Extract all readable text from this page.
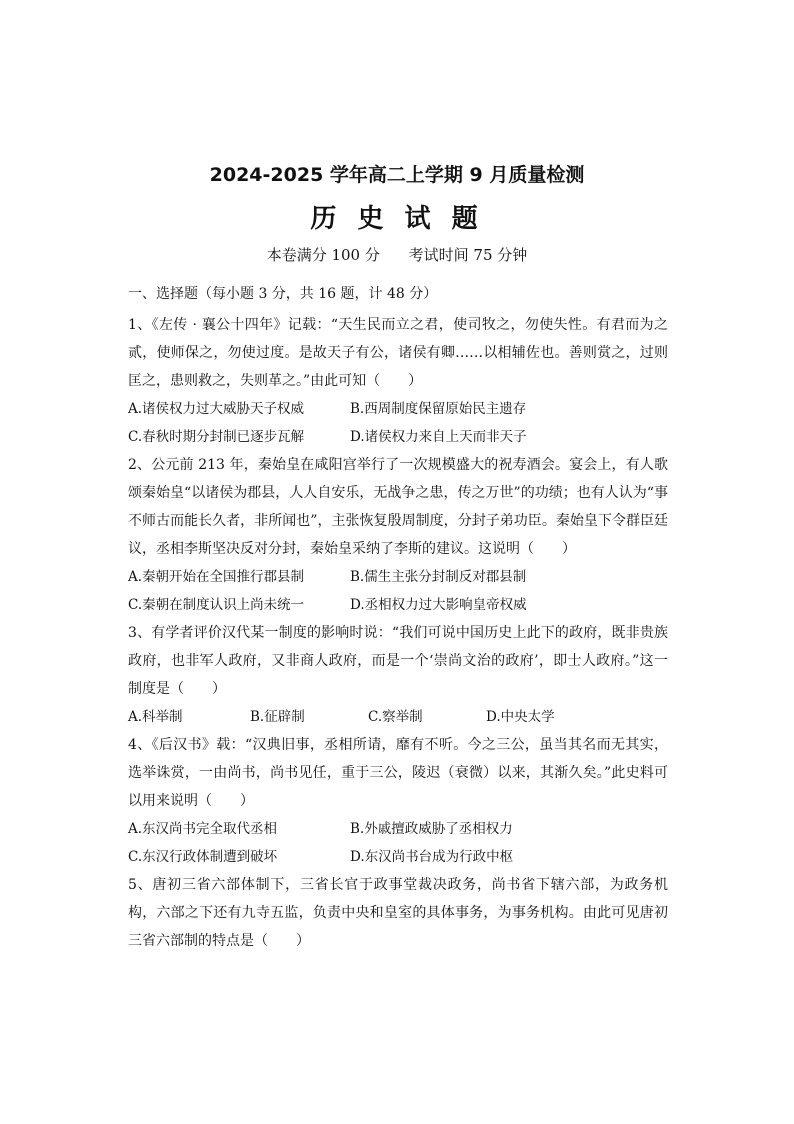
2024-2025 学年高二上学期 9 月质量检测
历 史 试 题
本卷满分 100 分 考试时间 75 分钟
一、选择题（每小题 3 分，共 16 题，计 48 分）
1、《左传 · 襄公十四年》记载：“天生民而立之君，使司牧之，勿使失性。有君而为之贰，使师保之，勿使过度。是故天子有公，诸侯有卿……以相辅佐也。善则赏之，过则匡之，患则救之，失则革之。”由此可知（　　）
A.诸侯权力过大威胁天子权威	B.西周制度保留原始民主遗存
C.春秋时期分封制已逐步瓦解	D.诸侯权力来自上天而非天子
2、公元前 213 年，秦始皇在咸阳宫举行了一次规模盛大的祝寿酒会。宴会上，有人歌颂秦始皇“以诸侯为郡县，人人自安乐，无战争之患，传之万世”的功绩；也有人认为“事不师古而能长久者，非所闻也”，主张恢复殷周制度，分封子弟功臣。秦始皇下令群臣廷议，丞相李斯坚决反对分封，秦始皇采纳了李斯的建议。这说明（　　）
A.秦朝开始在全国推行郡县制	B.儒生主张分封制反对郡县制
C.秦朝在制度认识上尚未统一	D.丞相权力过大影响皇帝权威
3、有学者评价汉代某一制度的影响时说：“我们可说中国历史上此下的政府，既非贵族政府，也非军人政府，又非商人政府，而是一个‘崇尚文治的政府’，即士人政府。”这一制度是（　　）
A.科举制	B.征辟制	C.察举制	D.中央太学
4、《后汉书》载：“汉典旧事，丞相所请，靡有不听。今之三公，虽当其名而无其实，选举诛赏，一由尚书，尚书见任，重于三公，陵迟（衰微）以来，其渐久矣。”此史料可以用来说明（　　）
A.东汉尚书完全取代丞相	B.外戚擅政威胁了丞相权力
C.东汉行政体制遭到破坏	D.东汉尚书台成为行政中枢
5、唐初三省六部体制下，三省长官于政事堂裁决政务，尚书省下辖六部，为政务机构，六部之下还有九寺五监，负责中央和皇室的具体事务，为事务机构。由此可见唐初三省六部制的特点是（　　）
